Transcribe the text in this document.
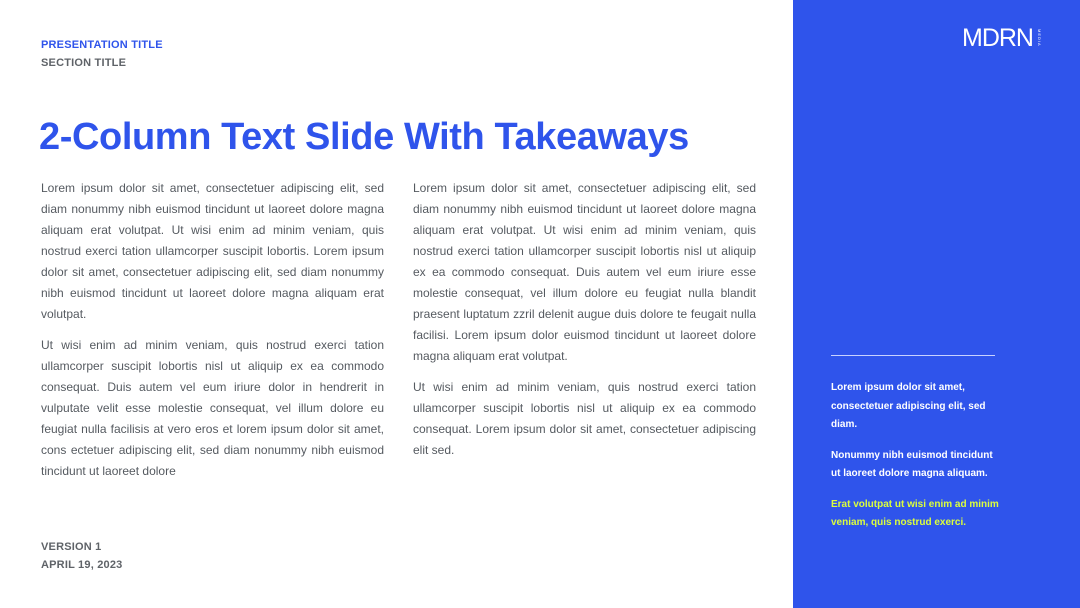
PRESENTATION TITLE
SECTION TITLE
2-Column Text Slide With Takeaways

Lorem ipsum dolor sit amet, consectetuer adipiscing elit, sed diam nonummy nibh euismod tincidunt ut laoreet dolore magna aliquam erat volutpat. Ut wisi enim ad minim veniam, quis nostrud exerci tation ullamcorper suscipit lobortis. Lorem ipsum dolor sit amet, consectetuer adipiscing elit, sed diam nonummy nibh euismod tincidunt ut laoreet dolore magna aliquam erat volutpat.

Ut wisi enim ad minim veniam, quis nostrud exerci tation ullamcorper suscipit lobortis nisl ut aliquip ex ea commodo consequat. Duis autem vel eum iriure dolor in hendrerit in vulputate velit esse molestie consequat, vel illum dolore eu feugiat nulla facilisis at vero eros et lorem ipsum dolor sit amet, cons ectetuer adipiscing elit, sed diam nonummy nibh euismod tincidunt ut laoreet dolore

Lorem ipsum dolor sit amet, consectetuer adipiscing elit, sed diam nonummy nibh euismod tincidunt ut laoreet dolore magna aliquam erat volutpat. Ut wisi enim ad minim veniam, quis nostrud exerci tation ullamcorper suscipit lobortis nisl ut aliquip ex ea commodo consequat. Duis autem vel eum iriure esse molestie consequat, vel illum dolore eu feugiat nulla blandit praesent luptatum zzril delenit augue duis dolore te feugait nulla facilisi. Lorem ipsum dolor euismod tincidunt ut laoreet dolore magna aliquam erat volutpat.

Ut wisi enim ad minim veniam, quis nostrud exerci tation ullamcorper suscipit lobortis nisl ut aliquip ex ea commodo consequat. Lorem ipsum dolor sit amet, consectetuer adipiscing elit sed.

VERSION 1
APRIL 19, 2023
MDRN MEDIA

Lorem ipsum dolor sit amet, consectetuer adipiscing elit, sed diam.

Nonummy nibh euismod tincidunt ut laoreet dolore magna aliquam.

Erat volutpat ut wisi enim ad minim veniam, quis nostrud exerci.
